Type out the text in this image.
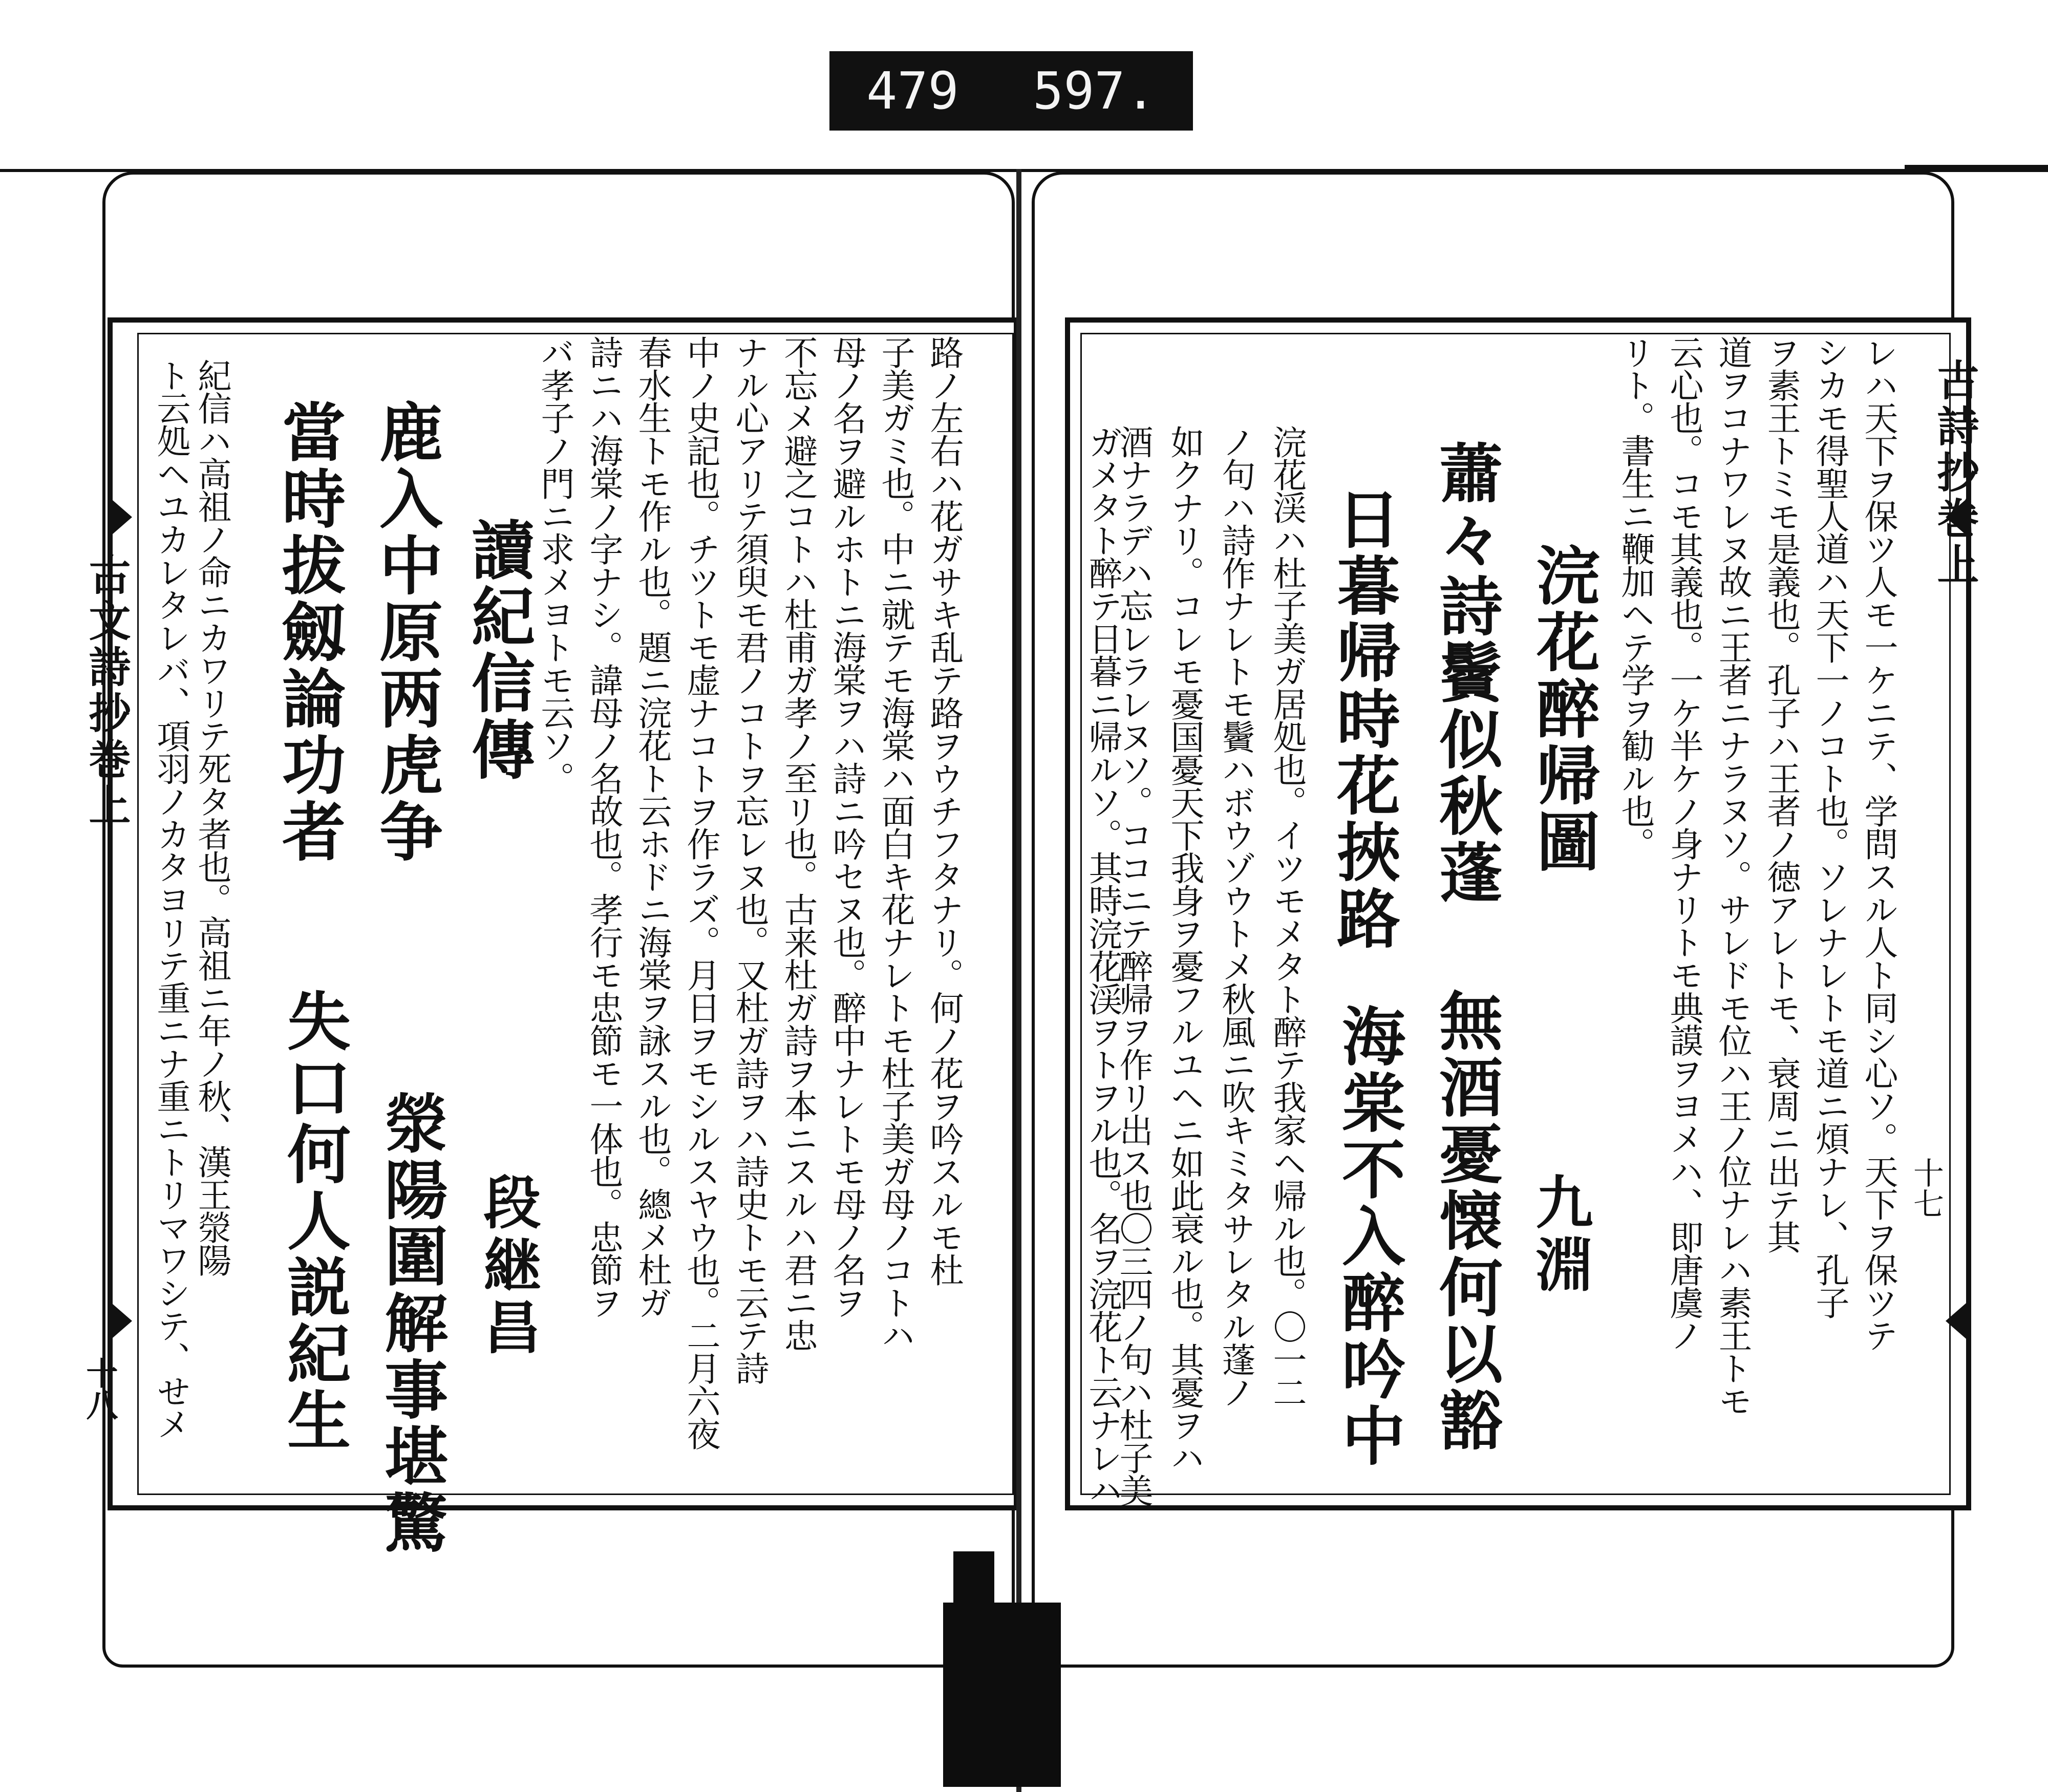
479 597.
古詩抄巻上
十七
レハ天下ヲ保ツ人モ一ケニテ、学問スル人ト同シ心ソ。天下ヲ保ツテ
シカモ得聖人道ハ天下一ノコト也。ソレナレトモ道ニ煩ナレ、孔子
ヲ素王トミモ是義也。孔子ハ王者ノ徳アレトモ、衰周ニ出テ其
道ヲコナワレヌ故ニ王者ニナラヌソ。サレドモ位ハ王ノ位ナレハ素王トモ
云心也。コモ其義也。一ケ半ケノ身ナリトモ典謨ヲヨメハ、即唐虞ノ
リト。書生ニ鞭加ヘテ学ヲ勧ル也。
浣花醉帰圖
蕭々詩鬢似秋蓬
日暮帰時花挾路
九淵
無酒憂懐何以豁
海棠不入醉吟中
浣花渓ハ杜子美ガ居処也。イツモメタト醉テ我家ヘ帰ル也。〇一二
ノ句ハ詩作ナレトモ鬢ハボウゾウトメ秋風ニ吹キミタサレタル蓬ノ
如クナリ。コレモ憂国憂天下我身ヲ憂フルユヘニ如此衰ル也。其憂ヲハ
酒ナラデハ忘レラレヌソ。ココニテ醉帰ヲ作リ出ス也〇三四ノ句ハ杜子美
ガメタト醉テ日暮ニ帰ルソ。其時浣花渓ヲトヲル也。名ヲ浣花ト云ナレハ
古文詩抄巻上
十八
路ノ左右ハ花ガサキ乱テ路ヲウチフタナリ。何ノ花ヲ吟スルモ杜
子美ガミ也。中ニ就テモ海棠ハ面白キ花ナレトモ杜子美ガ母ノコトハ
母ノ名ヲ避ルホトニ海棠ヲハ詩ニ吟セヌ也。醉中ナレトモ母ノ名ヲ
不忘メ避之コトハ杜甫ガ孝ノ至リ也。古来杜ガ詩ヲ本ニスルハ君ニ忠
ナル心アリテ須臾モ君ノコトヲ忘レヌ也。又杜ガ詩ヲハ詩史トモ云テ詩
中ノ史記也。チツトモ虚ナコトヲ作ラズ。月日ヲモシルスヤウ也。二月六夜
春水生トモ作ル也。題ニ浣花ト云ホドニ海棠ヲ詠スル也。總メ杜ガ
詩ニハ海棠ノ字ナシ。諱母ノ名故也。孝行モ忠節モ一体也。忠節ヲ
バ孝子ノ門ニ求メヨトモ云ソ。
讀紀信傳
鹿入中原两虎争
當時拔劔論功者
段継昌
滎陽圍解事堪驚
失口何人説紀生
紀信ハ高祖ノ命ニカワリテ死タ者也。高祖ニ年ノ秋、漢王滎陽
ト云処ヘユカレタレバ、項羽ノカタヨリテ重ニナ重ニトリマワシテ、せメ
